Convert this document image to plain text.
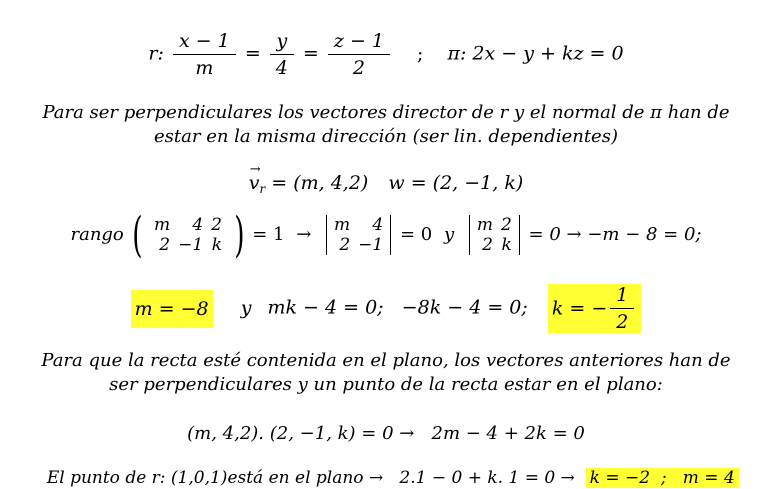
r: $\frac{x - 1}{m} = \frac{y}{4} = \frac{z - 1}{2}$ ; π: 2x − y + kz = 0
Para ser perpendiculares los vectores director de r y el normal de π han de
estar en la misma dirección (ser lin. dependientes)
v
→
$_r$ = (m, 4,2) w = (2, −1, k)
rango ( m	4	2
2	−1	k ) = 1 → m	4
2	−1 = 0 y m	2
2	k = 0 → −m − 8 = 0;
m = −8 y mk − 4 = 0;   −8k − 4 = 0; k = − $\frac{1}{2}$
Para que la recta esté contenida en el plano, los vectores anteriores han de
ser perpendiculares y un punto de la recta estar en el plano:
(m, 4,2). (2, −1, k) = 0 →   2m − 4 + 2k = 0

El punto de r: (1,0,1)está en el plano →   2.1 − 0 + k. 1 = 0 →  k = −2  ;   m = 4
